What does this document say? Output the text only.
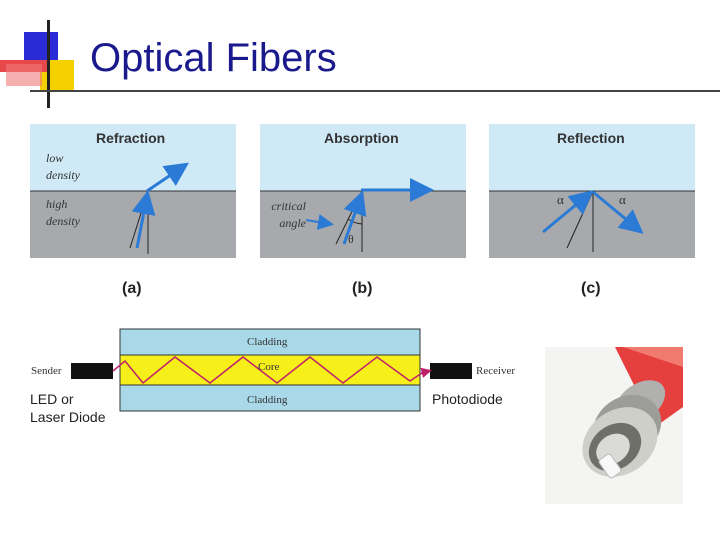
Optical Fibers
Refraction
low
density
high
density
(a)
Absorption
critical
angle
θ
(b)
Reflection
α	α
(c)
Cladding
Core
Cladding
Sender	Receiver
LED or
Laser Diode
Photodiode
